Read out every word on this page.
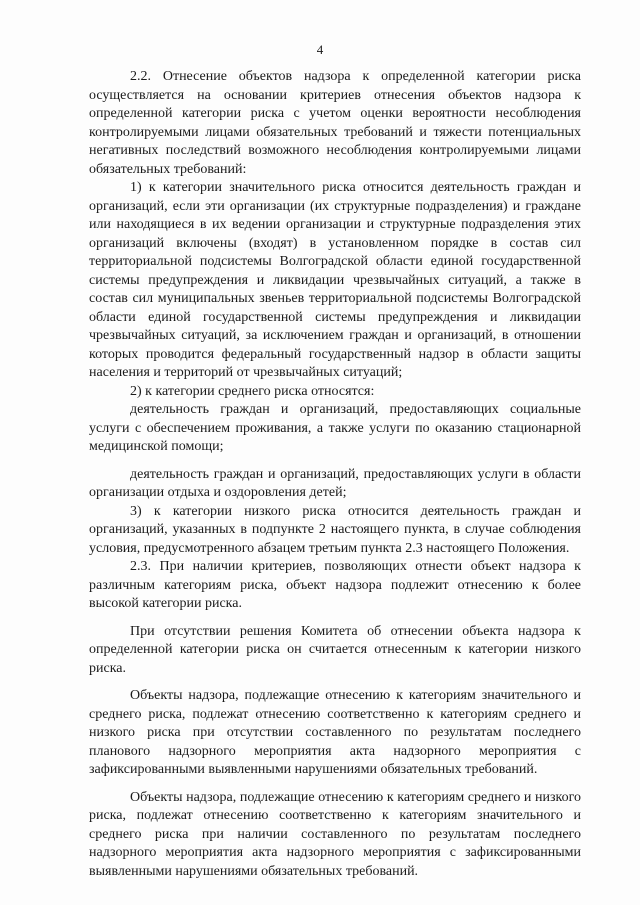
4

2.2. Отнесение объектов надзора к определенной категории риска осуществляется на основании критериев отнесения объектов надзора к определенной категории риска с учетом оценки вероятности несоблюдения контролируемыми лицами обязательных требований и тяжести потенциальных негативных последствий возможного несоблюдения контролируемыми лицами обязательных требований:

1) к категории значительного риска относится деятельность граждан и организаций, если эти организации (их структурные подразделения) и граждане или находящиеся в их ведении организации и структурные подразделения этих организаций включены (входят) в установленном порядке в состав сил территориальной подсистемы Волгоградской области единой государственной системы предупреждения и ликвидации чрезвычайных ситуаций, а также в состав сил муниципальных звеньев территориальной подсистемы Волгоградской области единой государственной системы предупреждения и ликвидации чрезвычайных ситуаций, за исключением граждан и организаций, в отношении которых проводится федеральный государственный надзор в области защиты населения и территорий от чрезвычайных ситуаций;

2) к категории среднего риска относятся:

деятельность граждан и организаций, предоставляющих социальные услуги с обеспечением проживания, а также услуги по оказанию стационарной медицинской помощи;

деятельность граждан и организаций, предоставляющих услуги в области организации отдыха и оздоровления детей;

3) к категории низкого риска относится деятельность граждан и организаций, указанных в подпункте 2 настоящего пункта, в случае соблюдения условия, предусмотренного абзацем третьим пункта 2.3 настоящего Положения.

2.3. При наличии критериев, позволяющих отнести объект надзора к различным категориям риска, объект надзора подлежит отнесению к более высокой категории риска.

При отсутствии решения Комитета об отнесении объекта надзора к определенной категории риска он считается отнесенным к категории низкого риска.

Объекты надзора, подлежащие отнесению к категориям значительного и среднего риска, подлежат отнесению соответственно к категориям среднего и низкого риска при отсутствии составленного по результатам последнего планового надзорного мероприятия акта надзорного мероприятия с зафиксированными выявленными нарушениями обязательных требований.

Объекты надзора, подлежащие отнесению к категориям среднего и низкого риска, подлежат отнесению соответственно к категориям значительного и среднего риска при наличии составленного по результатам последнего надзорного мероприятия акта надзорного мероприятия с зафиксированными выявленными нарушениями обязательных требований.
